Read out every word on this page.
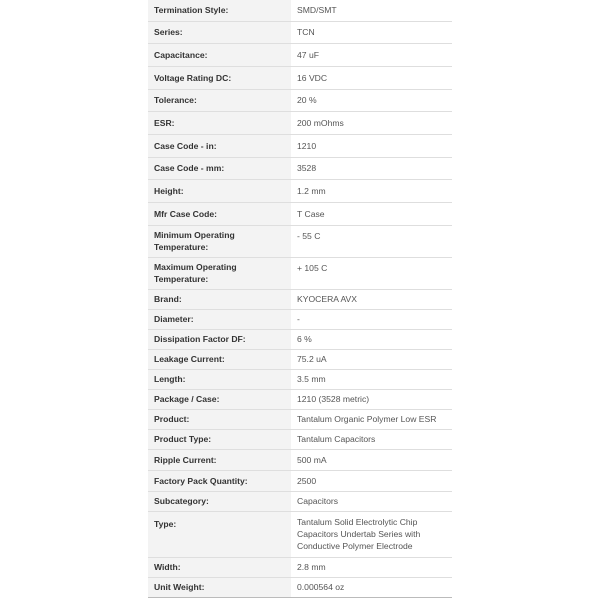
Termination Style:	SMD/SMT
Series:	TCN
Capacitance:	47 uF
Voltage Rating DC:	16 VDC
Tolerance:	20 %
ESR:	200 mOhms
Case Code - in:	1210
Case Code - mm:	3528
Height:	1.2 mm
Mfr Case Code:	T Case
Minimum Operating Temperature:	- 55 C
Maximum Operating Temperature:	+ 105 C
Brand:	KYOCERA AVX
Diameter:	-
Dissipation Factor DF:	6 %
Leakage Current:	75.2 uA
Length:	3.5 mm
Package / Case:	1210 (3528 metric)
Product:	Tantalum Organic Polymer Low ESR
Product Type:	Tantalum Capacitors
Ripple Current:	500 mA
Factory Pack Quantity:	2500
Subcategory:	Capacitors
Type:	Tantalum Solid Electrolytic Chip Capacitors Undertab Series with Conductive Polymer Electrode
Width:	2.8 mm
Unit Weight:	0.000564 oz
